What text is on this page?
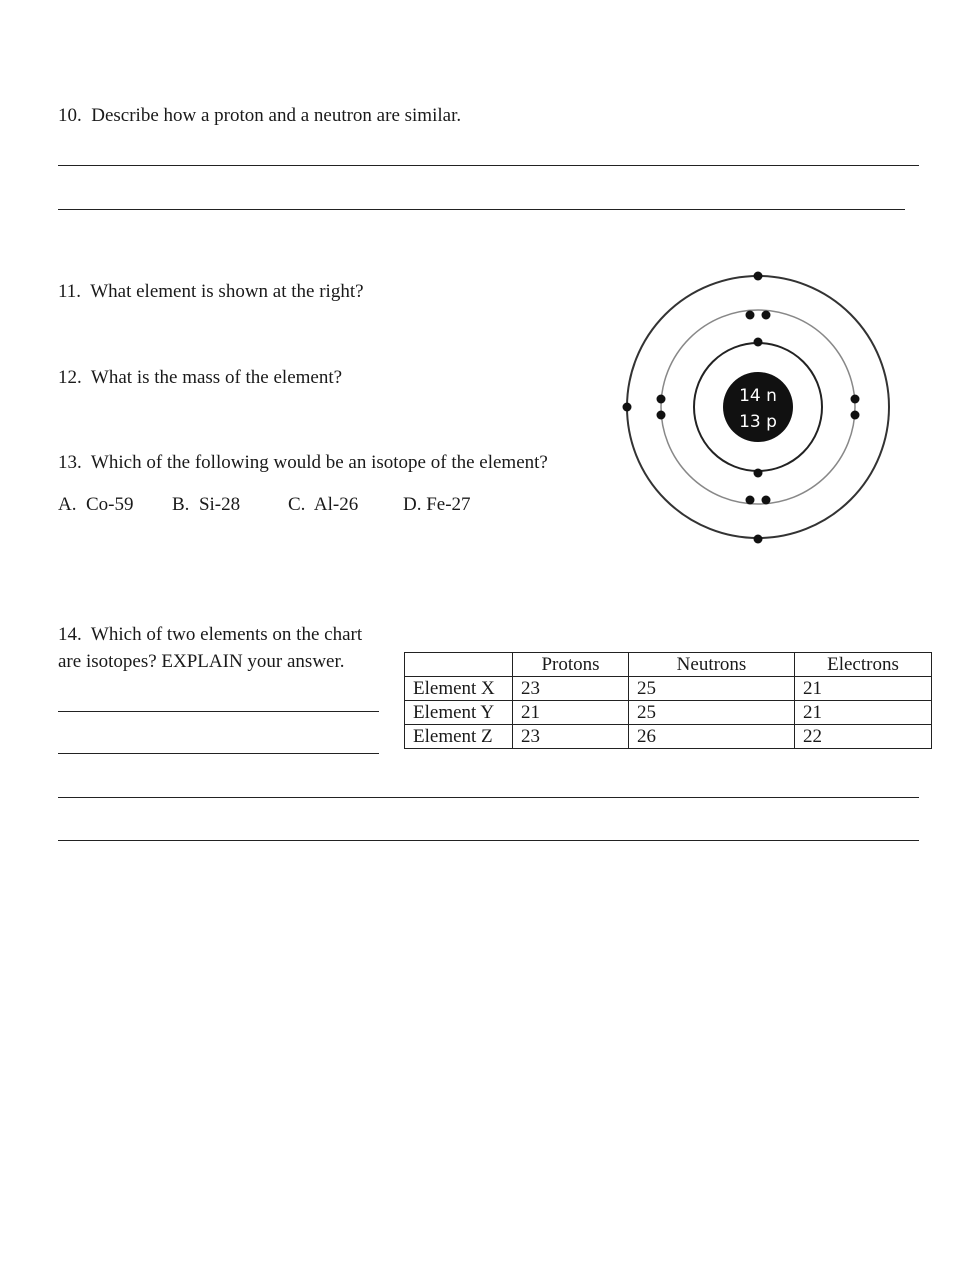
10. Describe how a proton and a neutron are similar.
11. What element is shown at the right?
12. What is the mass of the element?
13. Which of the following would be an isotope of the element?
A. Co-59 B. Si-28	C. Al-26 D. Fe-27
14 n
13 p
14. Which of two elements on the chart
are isotopes? EXPLAIN your answer.
		Protons	Neutrons	Electrons
Element X	23	25	21
Element Y	21	25	21
Element Z	23	26	22
